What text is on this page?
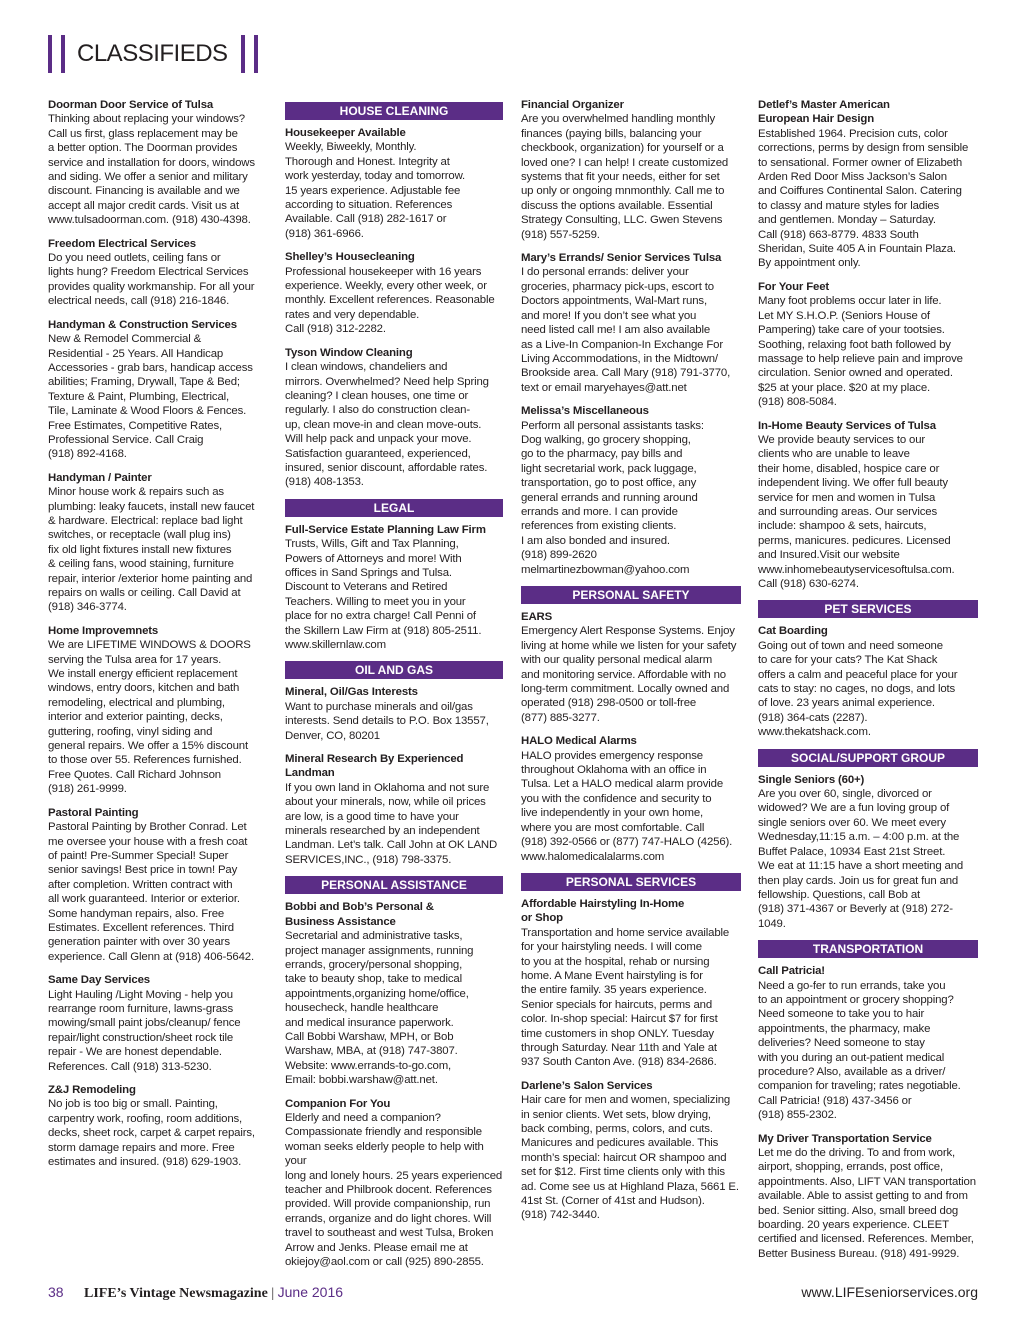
CLASSIFIEDS
Doorman Door Service of Tulsa
Thinking about replacing your windows?
Call us first, glass replacement may be
a better option. The Doorman provides
service and installation for doors, windows
and siding. We offer a senior and military
discount. Financing is available and we
accept all major credit cards. Visit us at
www.tulsadoorman.com. (918) 430-4398.
Freedom Electrical Services
Do you need outlets, ceiling fans or
lights hung? Freedom Electrical Services
provides quality workmanship. For all your
electrical needs, call (918) 216-1846.
Handyman & Construction Services
New & Remodel Commercial &
Residential - 25 Years. All Handicap
Accessories - grab bars, handicap access
abilities; Framing, Drywall, Tape & Bed;
Texture & Paint, Plumbing, Electrical,
Tile, Laminate & Wood Floors & Fences.
Free Estimates, Competitive Rates,
Professional Service. Call Craig
(918) 892-4168.
Handyman / Painter
Minor house work & repairs such as
plumbing: leaky faucets, install new faucet
& hardware. Electrical: replace bad light
switches, or receptacle (wall plug ins)
fix old light fixtures install new fixtures
& ceiling fans, wood staining, furniture
repair, interior /exterior home painting and
repairs on walls or ceiling. Call David at
(918) 346-3774.
Home Improvemnets
We are LIFETIME WINDOWS & DOORS
serving the Tulsa area for 17 years.
We install energy efficient replacement
windows, entry doors, kitchen and bath
remodeling, electrical and plumbing,
interior and exterior painting, decks,
guttering, roofing, vinyl siding and
general repairs. We offer a 15% discount
to those over 55. References furnished.
Free Quotes. Call Richard Johnson
(918) 261-9999.
Pastoral Painting
Pastoral Painting by Brother Conrad. Let
me oversee your house with a fresh coat
of paint! Pre-Summer Special! Super
senior savings! Best price in town! Pay
after completion. Written contract with
all work guaranteed. Interior or exterior.
Some handyman repairs, also. Free
Estimates. Excellent references. Third
generation painter with over 30 years
experience. Call Glenn at (918) 406-5642.
Same Day Services
Light Hauling /Light Moving - help you
rearrange room furniture, lawns-grass
mowing/small paint jobs/cleanup/ fence
repair/light construction/sheet rock tile
repair - We are honest dependable.
References. Call (918) 313-5230.
Z&J Remodeling
No job is too big or small. Painting,
carpentry work, roofing, room additions,
decks, sheet rock, carpet & carpet repairs,
storm damage repairs and more. Free
estimates and insured. (918) 629-1903.
HOUSE CLEANING
Housekeeper Available
Weekly, Biweekly, Monthly.
Thorough and Honest. Integrity at
work yesterday, today and tomorrow.
15 years experience. Adjustable fee
according to situation. References
Available. Call (918) 282-1617 or
(918) 361-6966.
Shelley’s Housecleaning
Professional housekeeper with 16 years
experience. Weekly, every other week, or
monthly. Excellent references. Reasonable
rates and very dependable.
Call (918) 312-2282.
Tyson Window Cleaning
I clean windows, chandeliers and
mirrors. Overwhelmed? Need help Spring
cleaning? I clean houses, one time or
regularly. I also do construction clean-
up, clean move-in and clean move-outs.
Will help pack and unpack your move.
Satisfaction guaranteed, experienced,
insured, senior discount, affordable rates.
(918) 408-1353.
LEGAL
Full-Service Estate Planning Law Firm
Trusts, Wills, Gift and Tax Planning,
Powers of Attorneys and more! With
offices in Sand Springs and Tulsa.
Discount to Veterans and Retired
Teachers. Willing to meet you in your
place for no extra charge! Call Penni of
the Skillern Law Firm at (918) 805-2511.
www.skillernlaw.com
OIL AND GAS
Mineral, Oil/Gas Interests
Want to purchase minerals and oil/gas
interests. Send details to P.O. Box 13557,
Denver, CO, 80201
Mineral Research By Experienced
Landman
If you own land in Oklahoma and not sure
about your minerals, now, while oil prices
are low, is a good time to have your
minerals researched by an independent
Landman. Let’s talk. Call John at OK LAND
SERVICES,INC., (918) 798-3375.
PERSONAL ASSISTANCE
Bobbi and Bob’s Personal &
Business Assistance
Secretarial and administrative tasks,
project manager assignments, running
errands, grocery/personal shopping,
take to beauty shop, take to medical
appointments,organizing home/office,
housecheck, handle healthcare
and medical insurance paperwork.
Call Bobbi Warshaw, MPH, or Bob
Warshaw, MBA, at (918) 747-3807.
Website: www.errands-to-go.com,
Email: bobbi.warshaw@att.net.
Companion For You
Elderly and need a companion?
Compassionate friendly and responsible
woman seeks elderly people to help with your
long and lonely hours. 25 years experienced
teacher and Philbrook docent. References
provided. Will provide companionship, run
errands, organize and do light chores. Will
travel to southeast and west Tulsa, Broken
Arrow and Jenks. Please email me at
okiejoy@aol.com or call (925) 890-2855.
Financial Organizer
Are you overwhelmed handling monthly
finances (paying bills, balancing your
checkbook, organization) for yourself or a
loved one? I can help! I create customized
systems that fit your needs, either for set
up only or ongoing mnmonthly. Call me to
discuss the options available. Essential
Strategy Consulting, LLC. Gwen Stevens
(918) 557-5259.
Mary’s Errands/ Senior Services Tulsa
I do personal errands: deliver your
groceries, pharmacy pick-ups, escort to
Doctors appointments, Wal-Mart runs,
and more! If you don’t see what you
need listed call me! I am also available
as a Live-In Companion-In Exchange For
Living Accommodations, in the Midtown/
Brookside area. Call Mary (918) 791-3770,
text or email maryehayes@att.net
Melissa’s Miscellaneous
Perform all personal assistants tasks:
Dog walking, go grocery shopping,
go to the pharmacy, pay bills and
light secretarial work, pack luggage,
transportation, go to post office, any
general errands and running around
errands and more. I can provide
references from existing clients.
I am also bonded and insured.
(918) 899-2620
melmartinezbowman@yahoo.com
PERSONAL SAFETY
EARS
Emergency Alert Response Systems. Enjoy
living at home while we listen for your safety
with our quality personal medical alarm
and monitoring service. Affordable with no
long-term commitment. Locally owned and
operated (918) 298-0500 or toll-free
(877) 885-3277.
HALO Medical Alarms
HALO provides emergency response
throughout Oklahoma with an office in
Tulsa. Let a HALO medical alarm provide
you with the confidence and security to
live independently in your own home,
where you are most comfortable. Call
(918) 392-0566 or (877) 747-HALO (4256).
www.halomedicalalarms.com
PERSONAL SERVICES
Affordable Hairstyling In-Home
or Shop
Transportation and home service available
for your hairstyling needs. I will come
to you at the hospital, rehab or nursing
home. A Mane Event hairstyling is for
the entire family. 35 years experience.
Senior specials for haircuts, perms and
color. In-shop special: Haircut $7 for first
time customers in shop ONLY. Tuesday
through Saturday. Near 11th and Yale at
937 South Canton Ave. (918) 834-2686.
Darlene’s Salon Services
Hair care for men and women, specializing
in senior clients. Wet sets, blow drying,
back combing, perms, colors, and cuts.
Manicures and pedicures available. This
month’s special: haircut OR shampoo and
set for $12. First time clients only with this
ad. Come see us at Highland Plaza, 5661 E.
41st St. (Corner of 41st and Hudson).
(918) 742-3440.
Detlef’s Master American
European Hair Design
Established 1964. Precision cuts, color
corrections, perms by design from sensible
to sensational. Former owner of Elizabeth
Arden Red Door Miss Jackson’s Salon
and Coiffures Continental Salon. Catering
to classy and mature styles for ladies
and gentlemen. Monday – Saturday.
Call (918) 663-8779. 4833 South
Sheridan, Suite 405 A in Fountain Plaza.
By appointment only.
For Your Feet
Many foot problems occur later in life.
Let MY S.H.O.P. (Seniors House of
Pampering) take care of your tootsies.
Soothing, relaxing foot bath followed by
massage to help relieve pain and improve
circulation. Senior owned and operated.
$25 at your place. $20 at my place.
(918) 808-5084.
In-Home Beauty Services of Tulsa
We provide beauty services to our
clients who are unable to leave
their home, disabled, hospice care or
independent living. We offer full beauty
service for men and women in Tulsa
and surrounding areas. Our services
include: shampoo & sets, haircuts,
perms, manicures. pedicures. Licensed
and Insured.Visit our website
www.inhomebeautyservicesoftulsa.com.
Call (918) 630-6274.
PET SERVICES
Cat Boarding
Going out of town and need someone
to care for your cats? The Kat Shack
offers a calm and peaceful place for your
cats to stay: no cages, no dogs, and lots
of love. 23 years animal experience.
(918) 364-cats (2287).
www.thekatshack.com.
SOCIAL/SUPPORT GROUP
Single Seniors (60+)
Are you over 60, single, divorced or
widowed? We are a fun loving group of
single seniors over 60. We meet every
Wednesday,11:15 a.m. – 4:00 p.m. at the
Buffet Palace, 10934 East 21st Street.
We eat at 11:15 have a short meeting and
then play cards. Join us for great fun and
fellowship. Questions, call Bob at
(918) 371-4367 or Beverly at (918) 272-1049.
TRANSPORTATION
Call Patricia!
Need a go-fer to run errands, take you
to an appointment or grocery shopping?
Need someone to take you to hair
appointments, the pharmacy, make
deliveries? Need someone to stay
with you during an out-patient medical
procedure? Also, available as a driver/
companion for traveling; rates negotiable.
Call Patricia! (918) 437-3456 or
(918) 855-2302.
My Driver Transportation Service
Let me do the driving. To and from work,
airport, shopping, errands, post office,
appointments. Also, LIFT VAN transportation
available. Able to assist getting to and from
bed. Senior sitting. Also, small breed dog
boarding. 20 years experience. CLEET
certified and licensed. References. Member,
Better Business Bureau. (918) 491-9929.
38 LIFE’s Vintage Newsmagazine | June 2016	www.LIFEseniorservices.org
